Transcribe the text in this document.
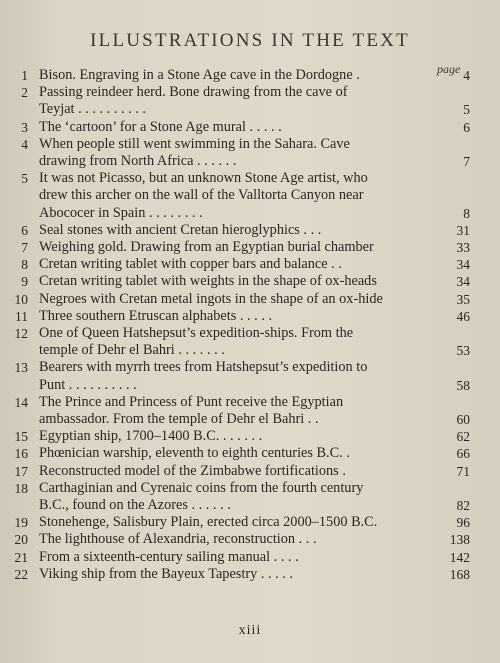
ILLUSTRATIONS IN THE TEXT
page
1 Bison. Engraving in a Stone Age cave in the Dordogne .	4
2 Passing reindeer herd. Bone drawing from the cave of
Teyjat . . . . . . . . . .	5
3 The ‘cartoon’ for a Stone Age mural . . . . .	6
4 When people still went swimming in the Sahara. Cave
drawing from North Africa . . . . . .	7
5 It was not Picasso, but an unknown Stone Age artist, who
drew this archer on the wall of the Valltorta Canyon near
Abococer in Spain . . . . . . . .	8
6 Seal stones with ancient Cretan hieroglyphics . . .	31
7 Weighing gold. Drawing from an Egyptian burial chamber	33
8 Cretan writing tablet with copper bars and balance . .	34
9 Cretan writing tablet with weights in the shape of ox-heads	34
10 Negroes with Cretan metal ingots in the shape of an ox-hide	35
11 Three southern Etruscan alphabets . . . . .	46
12 One of Queen Hatshepsut’s expedition-ships. From the
temple of Dehr el Bahri . . . . . . .	53
13 Bearers with myrrh trees from Hatshepsut’s expedition to
Punt . . . . . . . . . .	58
14 The Prince and Princess of Punt receive the Egyptian
ambassador. From the temple of Dehr el Bahri . .	60
15 Egyptian ship, 1700–1400 B.C. . . . . . .	62
16 Phœnician warship, eleventh to eighth centuries B.C. .	66
17 Reconstructed model of the Zimbabwe fortifications .	71
18 Carthaginian and Cyrenaic coins from the fourth century
B.C., found on the Azores . . . . . .	82
19 Stonehenge, Salisbury Plain, erected circa 2000–1500 B.C.	96
20 The lighthouse of Alexandria, reconstruction . . .	138
21 From a sixteenth-century sailing manual . . . .	142
22 Viking ship from the Bayeux Tapestry . . . . .	168
xiii
